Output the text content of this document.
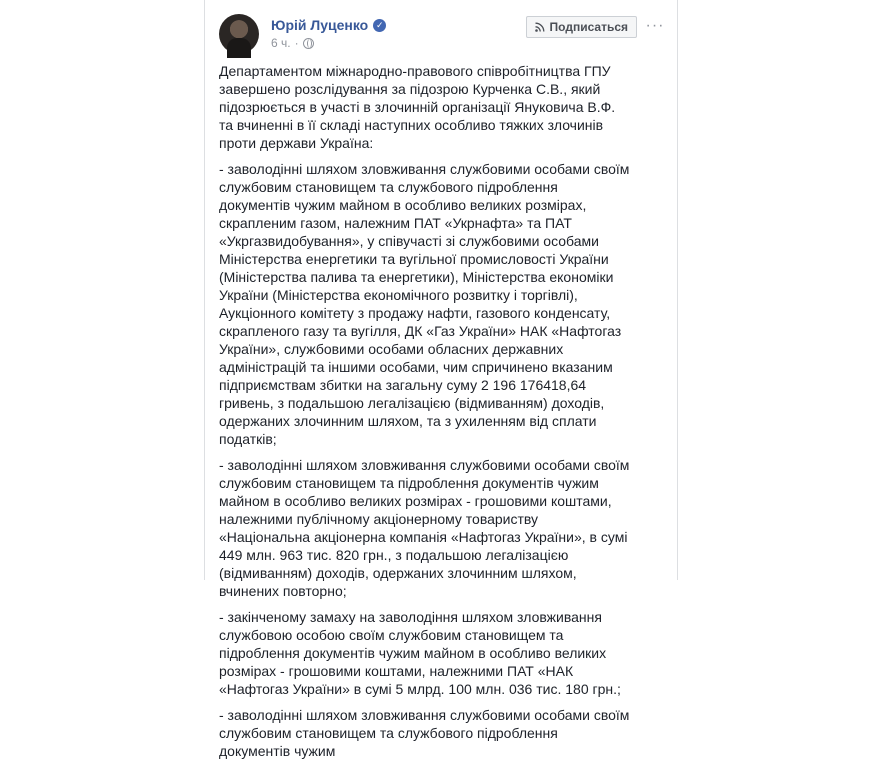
Юрій Луценко ✓
6 ч. ·
Подписаться ···

Департаментом міжнародно-правового співробітництва ГПУ завершено розслідування за підозрою Курченка С.В., який підозрюється в участі в злочинній організації Януковича В.Ф. та вчиненні в її складі наступних особливо тяжких злочинів проти держави Україна:

- заволодінні шляхом зловживання службовими особами своїм службовим становищем та службового підроблення документів чужим майном в особливо великих розмірах, скрапленим газом, належним ПАТ «Укрнафта» та ПАТ «Укргазвидобування», у співучасті зі службовими особами Міністерства енергетики та вугільної промисловості України (Міністерства палива та енергетики), Міністерства економіки України (Міністерства економічного розвитку і торгівлі), Аукціонного комітету з продажу нафти, газового конденсату, скрапленого газу та вугілля, ДК «Газ України» НАК «Нафтогаз України», службовими особами обласних державних адміністрацій та іншими особами, чим спричинено вказаним підприємствам збитки на загальну суму 2 196 176418,64 гривень, з подальшою легалізацією (відмиванням) доходів, одержаних злочинним шляхом, та з ухиленням від сплати податків;

- заволодінні шляхом зловживання службовими особами своїм службовим становищем та підроблення документів чужим майном в особливо великих розмірах - грошовими коштами, належними публічному акціонерному товариству «Національна акціонерна компанія «Нафтогаз України», в сумі 449 млн. 963 тис. 820 грн., з подальшою легалізацією (відмиванням) доходів, одержаних злочинним шляхом, вчинених повторно;

- закінченому замаху на заволодіння шляхом зловживання службовою особою своїм службовим становищем та підроблення документів чужим майном в особливо великих розмірах - грошовими коштами, належними ПАТ «НАК «Нафтогаз України» в сумі 5 млрд. 100 млн. 036 тис. 180 грн.;

- заволодінні шляхом зловживання службовими особами своїм службовим становищем та службового підроблення документів чужим
